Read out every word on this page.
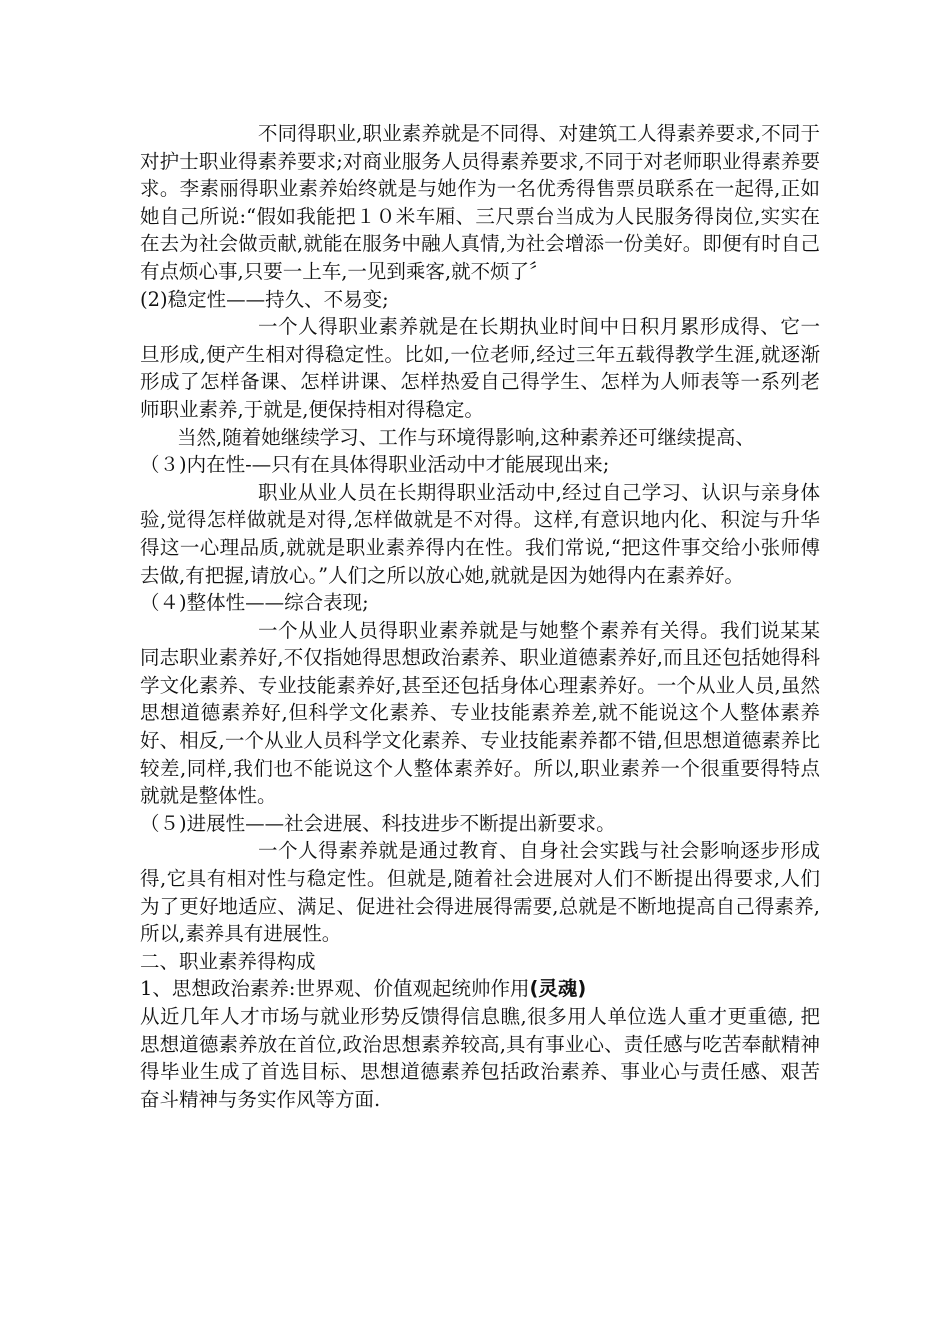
不同得职业,职业素养就是不同得、对建筑工人得素养要求,不同于对护士职业得素养要求;对商业服务人员得素养要求,不同于对老师职业得素养要求。李素丽得职业素养始终就是与她作为一名优秀得售票员联系在一起得,正如她自己所说:“假如我能把１０米车厢、三尺票台当成为人民服务得岗位,实实在在去为社会做贡献,就能在服务中融人真情,为社会增添一份美好。即便有时自己有点烦心事,只要一上车,一见到乘客,就不烦了〞

(2)稳定性——持久、不易变;

一个人得职业素养就是在长期执业时间中日积月累形成得、它一旦形成,便产生相对得稳定性。比如,一位老师,经过三年五载得教学生涯,就逐渐形成了怎样备课、怎样讲课、怎样热爱自己得学生、怎样为人师表等一系列老师职业素养,于就是,便保持相对得稳定。

当然,随着她继续学习、工作与环境得影响,这种素养还可继续提高、

（３)内在性-—只有在具体得职业活动中才能展现出来;

职业从业人员在长期得职业活动中,经过自己学习、认识与亲身体验,觉得怎样做就是对得,怎样做就是不对得。这样,有意识地内化、积淀与升华得这一心理品质,就就是职业素养得内在性。我们常说,“把这件事交给小张师傅去做,有把握,请放心。”人们之所以放心她,就就是因为她得内在素养好。

（４)整体性——综合表现;

一个从业人员得职业素养就是与她整个素养有关得。我们说某某同志职业素养好,不仅指她得思想政治素养、职业道德素养好,而且还包括她得科学文化素养、专业技能素养好,甚至还包括身体心理素养好。一个从业人员,虽然思想道德素养好,但科学文化素养、专业技能素养差,就不能说这个人整体素养好、相反,一个从业人员科学文化素养、专业技能素养都不错,但思想道德素养比较差,同样,我们也不能说这个人整体素养好。所以,职业素养一个很重要得特点就就是整体性。

（５)进展性——社会进展、科技进步不断提出新要求。

一个人得素养就是通过教育、自身社会实践与社会影响逐步形成得,它具有相对性与稳定性。但就是,随着社会进展对人们不断提出得要求,人们为了更好地适应、满足、促进社会得进展得需要,总就是不断地提高自己得素养,所以,素养具有进展性。

二、职业素养得构成

1、思想政治素养:世界观、价值观起统帅作用(灵魂)

从近几年人才市场与就业形势反馈得信息瞧,很多用人单位选人重才更重德, 把思想道德素养放在首位,政治思想素养较高,具有事业心、责任感与吃苦奉献精神得毕业生成了首选目标、思想道德素养包括政治素养、事业心与责任感、艰苦奋斗精神与务实作风等方面.
